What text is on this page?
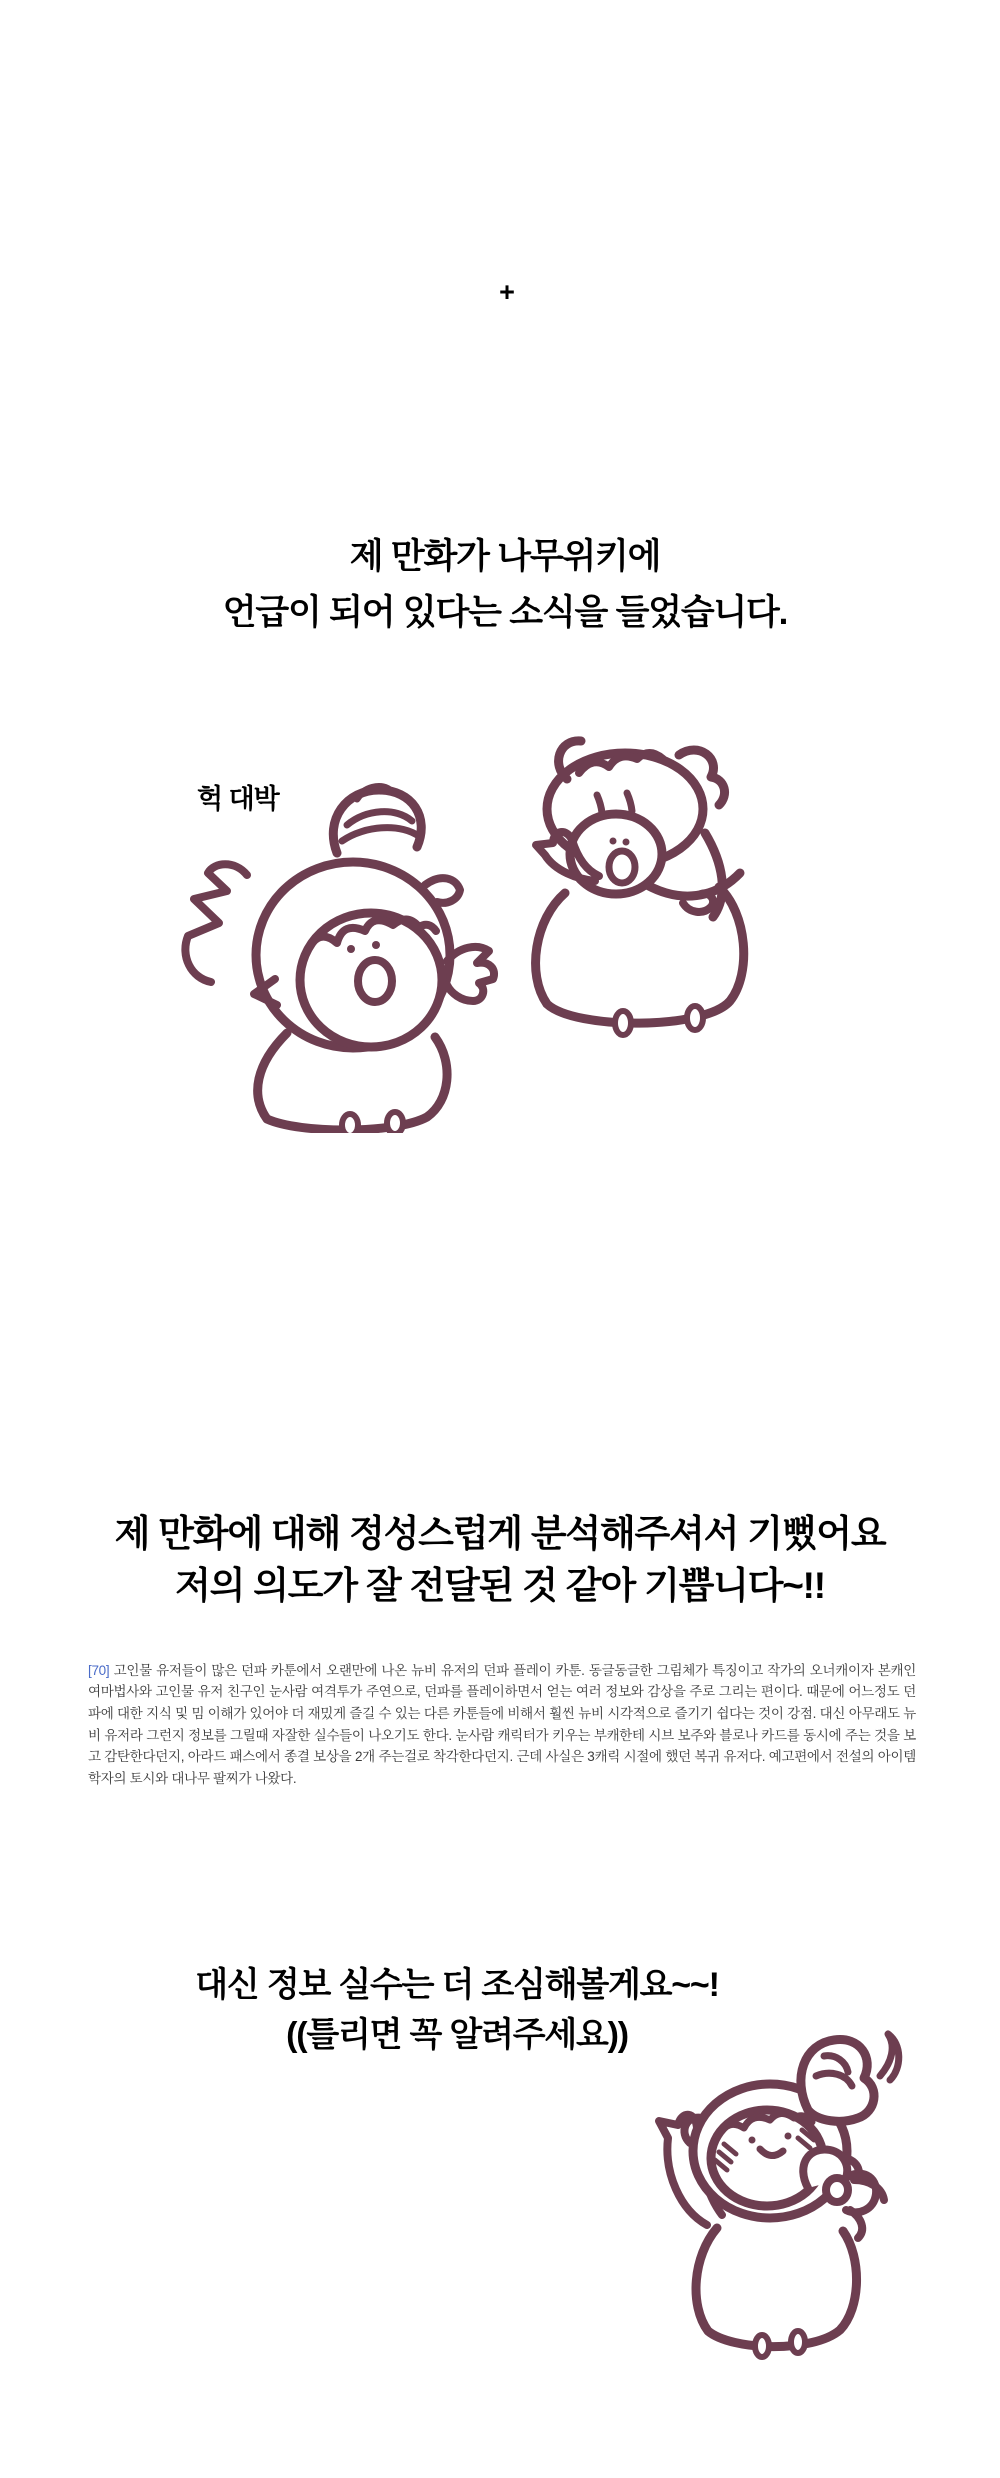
+
제 만화가 나무위키에
언급이 되어 있다는 소식을 들었습니다.
헉 대박
제 만화에 대해 정성스럽게 분석해주셔서 기뻤어요
저의 의도가 잘 전달된 것 같아 기쁩니다~!!

[70] 고인물 유저들이 많은 던파 카툰에서 오랜만에 나온 뉴비 유저의 던파 플레이 카툰. 동글동글한 그림체가 특징이고 작가의 오너캐이자 본캐인 여마법사와 고인물 유저 친구인 눈사람 여격투가 주연으로, 던파를 플레이하면서 얻는 여러 정보와 감상을 주로 그리는 편이다. 때문에 어느정도 던파에 대한 지식 및 밈 이해가 있어야 더 재밌게 즐길 수 있는 다른 카툰들에 비해서 훨씬 뉴비 시각적으로 즐기기 쉽다는 것이 강점. 대신 아무래도 뉴비 유저라 그런지 정보를 그릴때 자잘한 실수들이 나오기도 한다. 눈사람 캐릭터가 키우는 부캐한테 시브 보주와 블로나 카드를 동시에 주는 것을 보고 감탄한다던지, 아라드 패스에서 종결 보상을 2개 주는걸로 착각한다던지. 근데 사실은 3캐릭 시절에 했던 복귀 유저다. 예고편에서 전설의 아이템 학자의 토시와 대나무 팔찌가 나왔다.

대신 정보 실수는 더 조심해볼게요~~!
((틀리면 꼭 알려주세요))
